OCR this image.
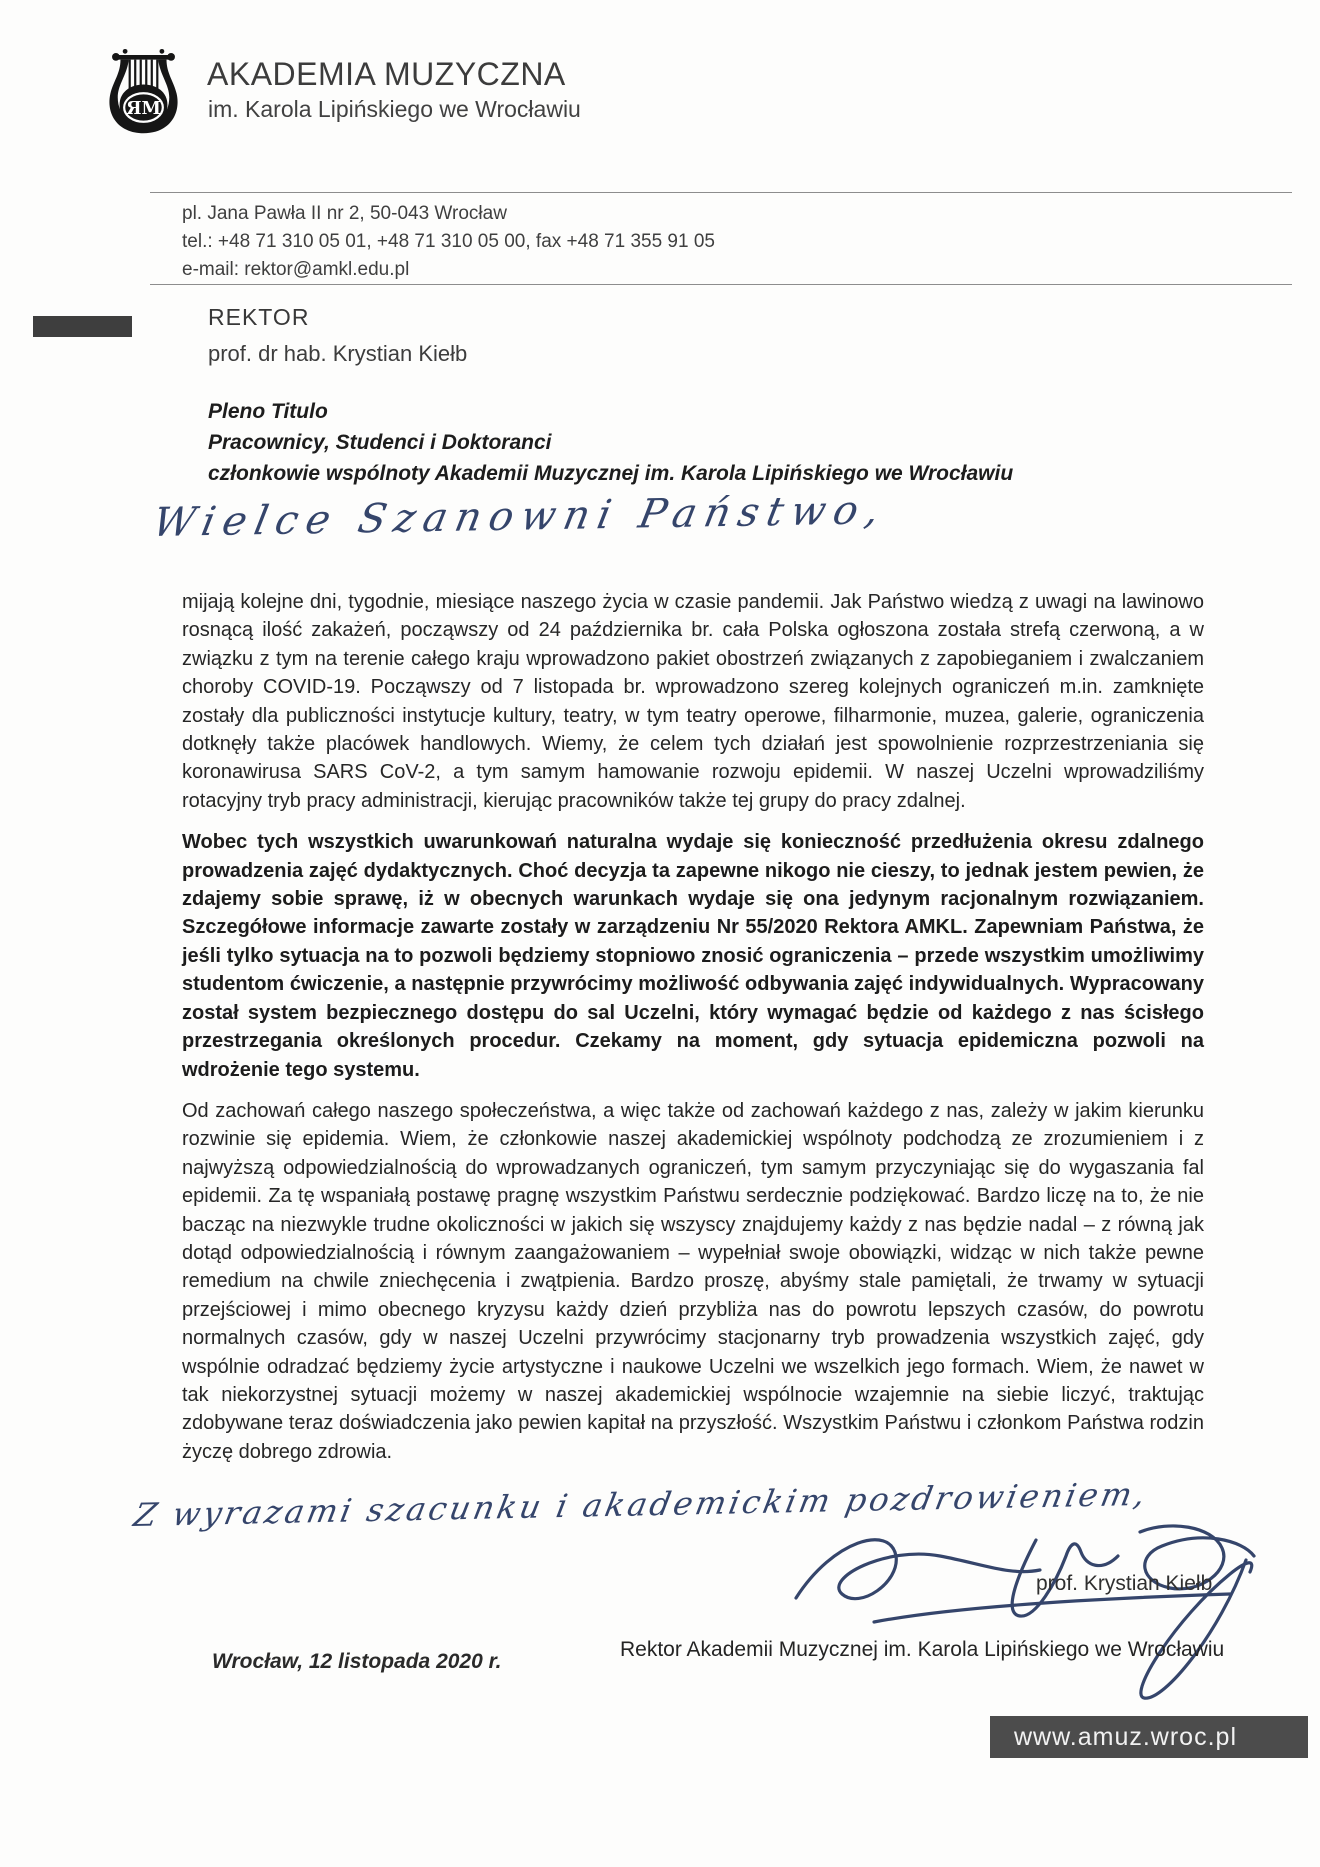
ЯM
AKADEMIA MUZYCZNA
im. Karola Lipińskiego we Wrocławiu
pl. Jana Pawła II nr 2, 50-043 Wrocław
tel.: +48 71 310 05 01, +48 71 310 05 00, fax +48 71 355 91 05
e-mail: rektor@amkl.edu.pl
REKTOR
prof. dr hab. Krystian Kiełb
Pleno Titulo
Pracownicy, Studenci i Doktoranci
członkowie wspólnoty Akademii Muzycznej im. Karola Lipińskiego we Wrocławiu
Wielce Szanowni Państwo,

mijają kolejne dni, tygodnie, miesiące naszego życia w czasie pandemii. Jak Państwo wiedzą z uwagi na lawinowo rosnącą ilość zakażeń, począwszy od 24 października br. cała Polska ogłoszona została strefą czerwoną, a w związku z tym na terenie całego kraju wprowadzono pakiet obostrzeń związanych z zapobieganiem i zwalczaniem choroby COVID-19. Począwszy od 7 listopada br. wprowadzono szereg kolejnych ograniczeń m.in. zamknięte zostały dla publiczności instytucje kultury, teatry, w tym teatry operowe, filharmonie, muzea, galerie, ograniczenia dotknęły także placówek handlowych. Wiemy, że celem tych działań jest spowolnienie rozprzestrzeniania się koronawirusa SARS CoV-2, a tym samym hamowanie rozwoju epidemii. W naszej Uczelni wprowadziliśmy rotacyjny tryb pracy administracji, kierując pracowników także tej grupy do pracy zdalnej.

Wobec tych wszystkich uwarunkowań naturalna wydaje się konieczność przedłużenia okresu zdalnego prowadzenia zajęć dydaktycznych. Choć decyzja ta zapewne nikogo nie cieszy, to jednak jestem pewien, że zdajemy sobie sprawę, iż w obecnych warunkach wydaje się ona jedynym racjonalnym rozwiązaniem. Szczegółowe informacje zawarte zostały w zarządzeniu Nr 55/2020 Rektora AMKL. Zapewniam Państwa, że jeśli tylko sytuacja na to pozwoli będziemy stopniowo znosić ograniczenia – przede wszystkim umożliwimy studentom ćwiczenie, a następnie przywrócimy możliwość odbywania zajęć indywidualnych. Wypracowany został system bezpiecznego dostępu do sal Uczelni, który wymagać będzie od każdego z nas ścisłego przestrzegania określonych procedur. Czekamy na moment, gdy sytuacja epidemiczna pozwoli na wdrożenie tego systemu.

Od zachowań całego naszego społeczeństwa, a więc także od zachowań każdego z nas, zależy w jakim kierunku rozwinie się epidemia. Wiem, że członkowie naszej akademickiej wspólnoty podchodzą ze zrozumieniem i z najwyższą odpowiedzialnością do wprowadzanych ograniczeń, tym samym przyczyniając się do wygaszania fal epidemii. Za tę wspaniałą postawę pragnę wszystkim Państwu serdecznie podziękować. Bardzo liczę na to, że nie bacząc na niezwykle trudne okoliczności w jakich się wszyscy znajdujemy każdy z nas będzie nadal – z równą jak dotąd odpowiedzialnością i równym zaangażowaniem – wypełniał swoje obowiązki, widząc w nich także pewne remedium na chwile zniechęcenia i zwątpienia. Bardzo proszę, abyśmy stale pamiętali, że trwamy w sytuacji przejściowej i mimo obecnego kryzysu każdy dzień przybliża nas do powrotu lepszych czasów, do powrotu normalnych czasów, gdy w naszej Uczelni przywrócimy stacjonarny tryb prowadzenia wszystkich zajęć, gdy wspólnie odradzać będziemy życie artystyczne i naukowe Uczelni we wszelkich jego formach. Wiem, że nawet w tak niekorzystnej sytuacji możemy w naszej akademickiej wspólnocie wzajemnie na siebie liczyć, traktując zdobywane teraz doświadczenia jako pewien kapitał na przyszłość. Wszystkim Państwu i członkom Państwa rodzin życzę dobrego zdrowia.

Z wyrazami szacunku i akademickim pozdrowieniem,
prof. Krystian Kiełb
Rektor Akademii Muzycznej im. Karola Lipińskiego we Wrocławiu
Wrocław, 12 listopada 2020 r.
www.amuz.wroc.pl
